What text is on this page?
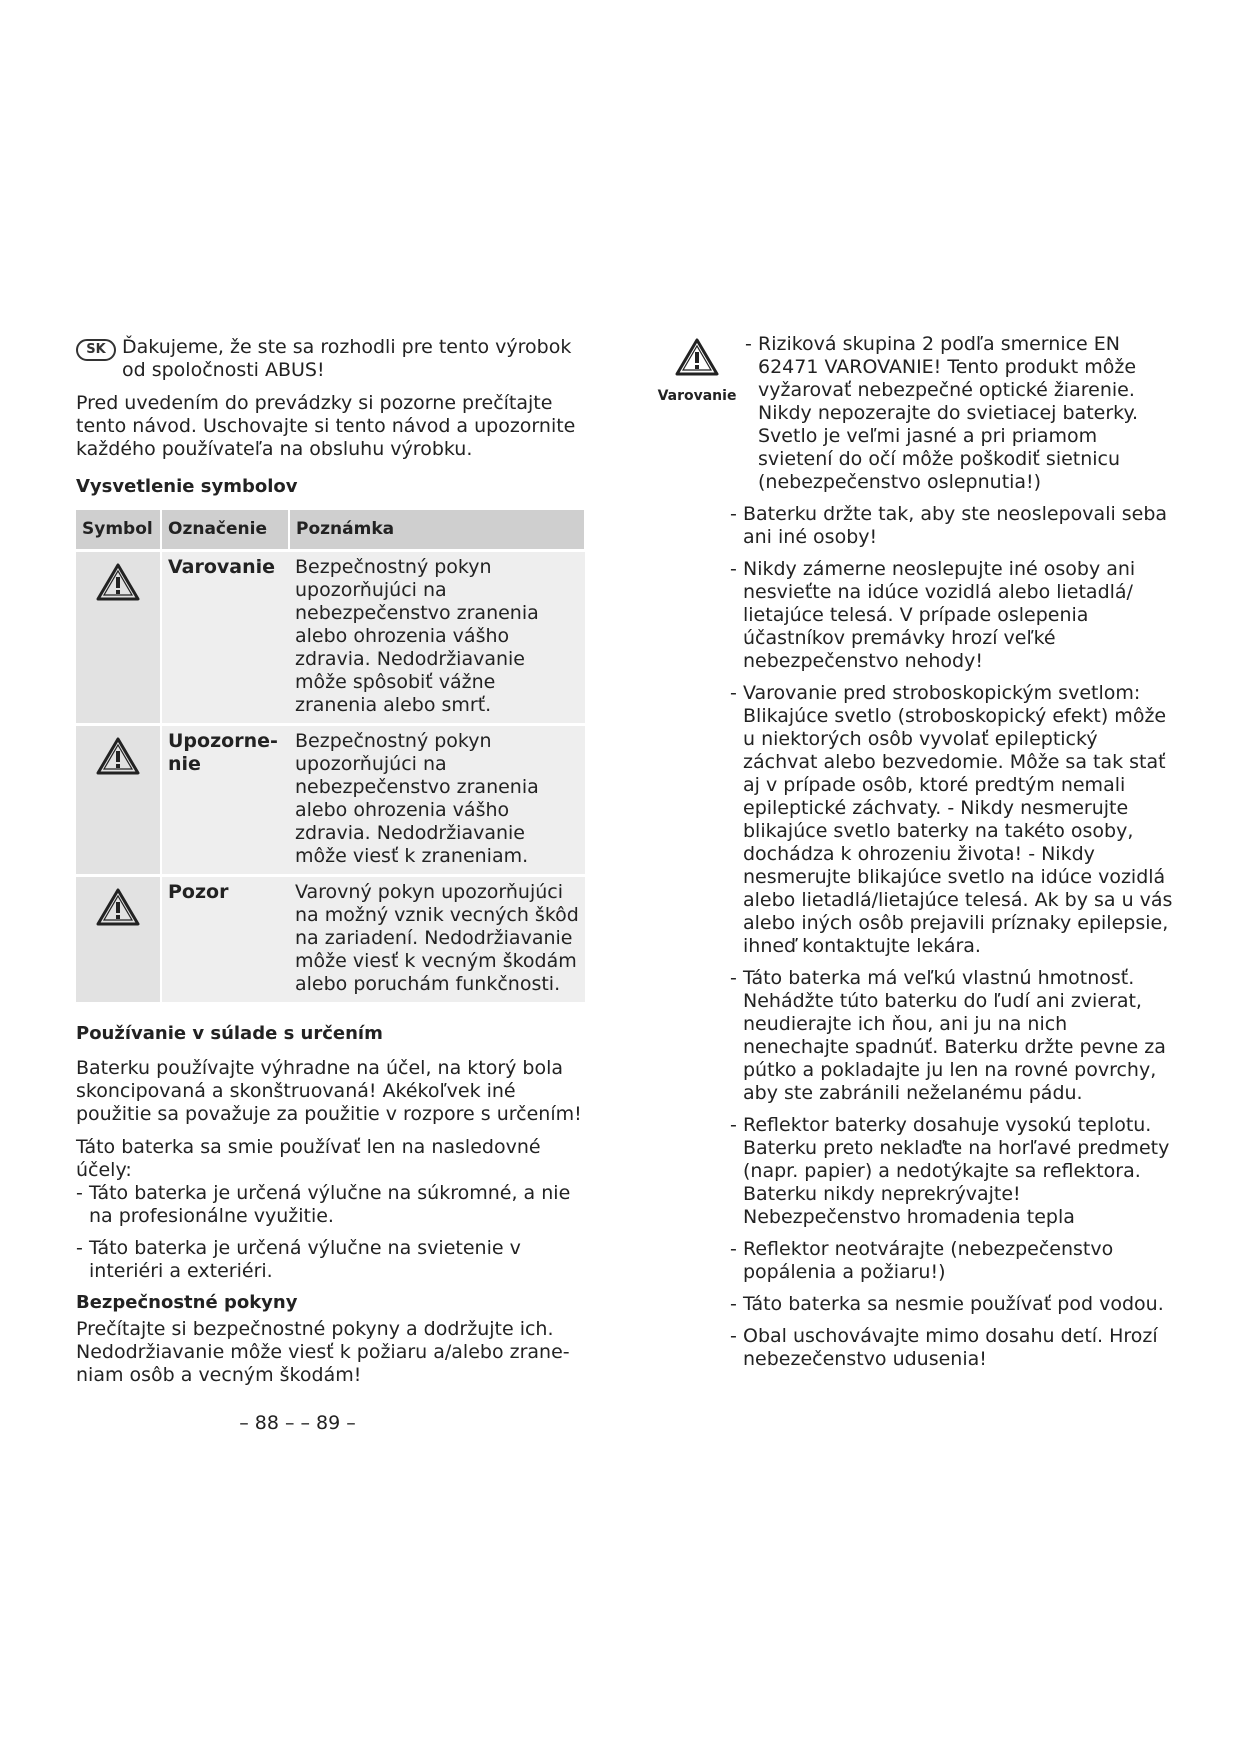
SK Ďakujeme, že ste sa rozhodli pre tento výrobok od spoločnosti ABUS!

Pred uvedením do prevádzky si pozorne prečítajte tento návod. Uschovajte si tento návod a upozornite každého používateľa na obsluhu výrobku.

Vysvetlenie symbolov
Symbol	Označenie	Poznámka
	Varovanie	Bezpečnostný pokyn upozorňujúci na nebezpečenstvo zranenia alebo ohrozenia vášho zdravia. Nedodržiavanie môže spôsobiť vážne zranenia alebo smrť.
	Upozorne-nie	Bezpečnostný pokyn upozorňujúci na nebezpečenstvo zranenia alebo ohrozenia vášho zdravia. Nedodržiavanie môže viesť k zraneniam.
	Pozor	Varovný pokyn upozorňujúci na možný vznik vecných škôd na zariadení. Nedodržiavanie môže viesť k vecným škodám alebo poruchám funkčnosti.
Používanie v súlade s určením

Baterku používajte výhradne na účel, na ktorý bola skoncipovaná a skonštruovaná! Akékoľvek iné použitie sa považuje za použitie v rozpore s určením!

Táto baterka sa smie používať len na nasledovné účely:

- Táto baterka je určená výlučne na súkromné, a nie na profesionálne využitie.
- Táto baterka je určená výlučne na svietenie v interiéri a exteriéri.
Bezpečnostné pokyny

Prečítajte si bezpečnostné pokyny a dodržujte ich. Nedodržiavanie môže viesť k požiaru a/alebo zrane-niam osôb a vecným škodám!

– 88 – – 89 –
Varovanie
- Riziková skupina 2 podľa smernice EN 62471 VAROVANIE! Tento produkt môže vyžarovať nebezpečné optické žiarenie. Nikdy nepozerajte do svietiacej baterky. Svetlo je veľmi jasné a pri priamom svietení do očí môže poškodiť sietnicu (nebezpečenstvo oslepnutia!)
- Baterku držte tak, aby ste neoslepovali seba ani iné osoby!
- Nikdy zámerne neoslepujte iné osoby ani nesvieťte na idúce vozidlá alebo lietadlá/ lietajúce telesá. V prípade oslepenia účastníkov premávky hrozí veľké nebezpečenstvo nehody!
- Varovanie pred stroboskopickým svetlom: Blikajúce svetlo (stroboskopický efekt) môže u niektorých osôb vyvolať epileptický záchvat alebo bezvedomie. Môže sa tak stať aj v prípade osôb, ktoré predtým nemali epileptické záchvaty. - Nikdy nesmerujte blikajúce svetlo baterky na takéto osoby, dochádza k ohrozeniu života! - Nikdy nesmerujte blikajúce svetlo na idúce vozidlá alebo lietadlá/lietajúce telesá. Ak by sa u vás alebo iných osôb prejavili príznaky epilepsie, ihneď kontaktujte lekára.
- Táto baterka má veľkú vlastnú hmotnosť. Nehádžte túto baterku do ľudí ani zvierat, neudierajte ich ňou, ani ju na nich nenechajte spadnúť. Baterku držte pevne za pútko a pokladajte ju len na rovné povrchy, aby ste zabránili neželanému pádu.
- Reflektor baterky dosahuje vysokú teplotu. Baterku preto neklaďte na horľavé predmety (napr. papier) a nedotýkajte sa reflektora. Baterku nikdy neprekrývajte! Nebezpečenstvo hromadenia tepla
- Reflektor neotvárajte (nebezpečenstvo popálenia a požiaru!)
- Táto baterka sa nesmie používať pod vodou.
- Obal uschovávajte mimo dosahu detí. Hrozí nebezečenstvo udusenia!
